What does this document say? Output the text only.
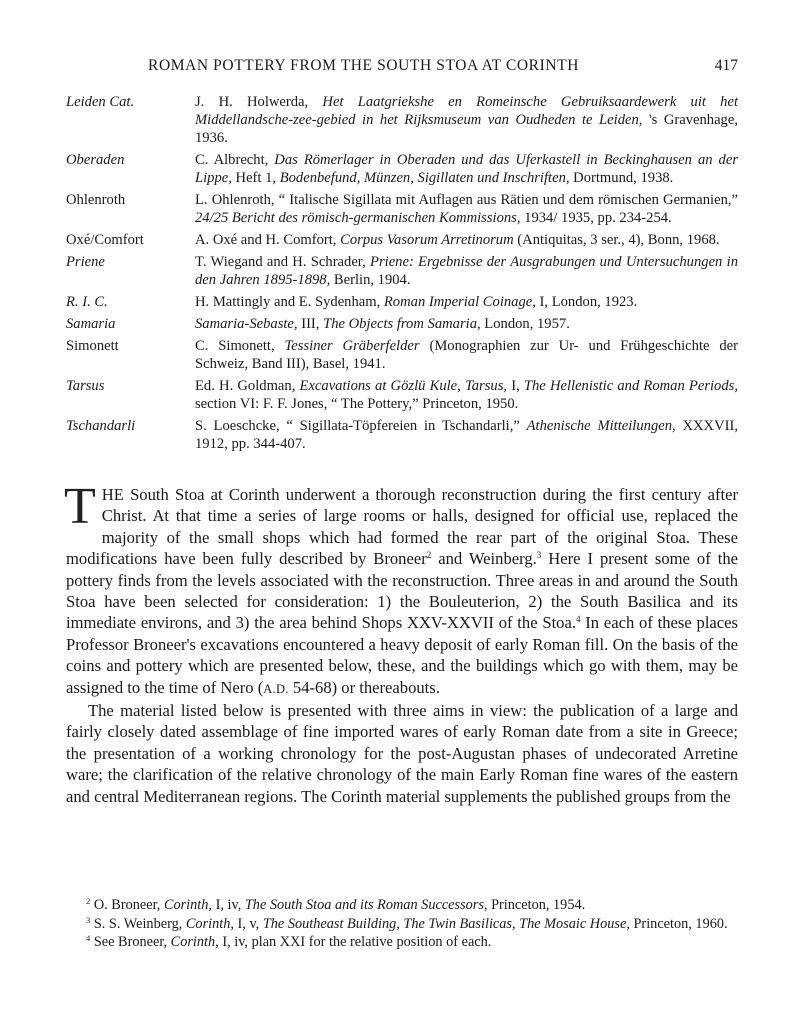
ROMAN POTTERY FROM THE SOUTH STOA AT CORINTH	417
Leiden Cat.	J. H. Holwerda, Het Laatgriekshe en Romeinsche Gebruiksaardewerk uit het Middellandsche-zee-gebied in het Rijksmuseum van Oudheden te Leiden, 's Gravenhage, 1936.
Oberaden	C. Albrecht, Das Römerlager in Oberaden und das Uferkastell in Beckinghausen an der Lippe, Heft 1, Bodenbefund, Münzen, Sigillaten und Inschriften, Dortmund, 1938.
Ohlenroth	L. Ohlenroth, “ Italische Sigillata mit Auflagen aus Rätien und dem römischen Germanien,” 24/25 Bericht des römisch-germanischen Kommissions, 1934/ 1935, pp. 234-254.
Oxé/Comfort	A. Oxé and H. Comfort, Corpus Vasorum Arretinorum (Antiquitas, 3 ser., 4), Bonn, 1968.
Priene	T. Wiegand and H. Schrader, Priene: Ergebnisse der Ausgrabungen und Untersuchungen in den Jahren 1895-1898, Berlin, 1904.
R. I. C.	H. Mattingly and E. Sydenham, Roman Imperial Coinage, I, London, 1923.
Samaria	Samaria-Sebaste, III, The Objects from Samaria, London, 1957.
Simonett	C. Simonett, Tessiner Gräberfelder (Monographien zur Ur- und Frühgeschichte der Schweiz, Band III), Basel, 1941.
Tarsus	Ed. H. Goldman, Excavations at Gözlü Kule, Tarsus, I, The Hellenistic and Roman Periods, section VI: F. F. Jones, “ The Pottery,” Princeton, 1950.
Tschandarli	S. Loeschcke, “ Sigillata-Töpfereien in Tschandarli,” Athenische Mitteilungen, XXXVII, 1912, pp. 344-407.

THE South Stoa at Corinth underwent a thorough reconstruction during the first century after Christ. At that time a series of large rooms or halls, designed for official use, replaced the majority of the small shops which had formed the rear part of the original Stoa. These modifications have been fully described by Broneer$^2$ and Weinberg.$^3$ Here I present some of the pottery finds from the levels associated with the reconstruction. Three areas in and around the South Stoa have been selected for consideration: 1) the Bouleuterion, 2) the South Basilica and its immediate environs, and 3) the area behind Shops XXV-XXVII of the Stoa.$^4$ In each of these places Professor Broneer's excavations encountered a heavy deposit of early Roman fill. On the basis of the coins and pottery which are presented below, these, and the buildings which go with them, may be assigned to the time of Nero (A.D. 54-68) or thereabouts.

The material listed below is presented with three aims in view: the publication of a large and fairly closely dated assemblage of fine imported wares of early Roman date from a site in Greece; the presentation of a working chronology for the post-Augustan phases of undecorated Arretine ware; the clarification of the relative chronology of the main Early Roman fine wares of the eastern and central Mediterranean regions. The Corinth material supplements the published groups from the

$^2$ O. Broneer, Corinth, I, iv, The South Stoa and its Roman Successors, Princeton, 1954.
$^3$ S. S. Weinberg, Corinth, I, v, The Southeast Building, The Twin Basilicas, The Mosaic House, Princeton, 1960.
$^4$ See Broneer, Corinth, I, iv, plan XXI for the relative position of each.
